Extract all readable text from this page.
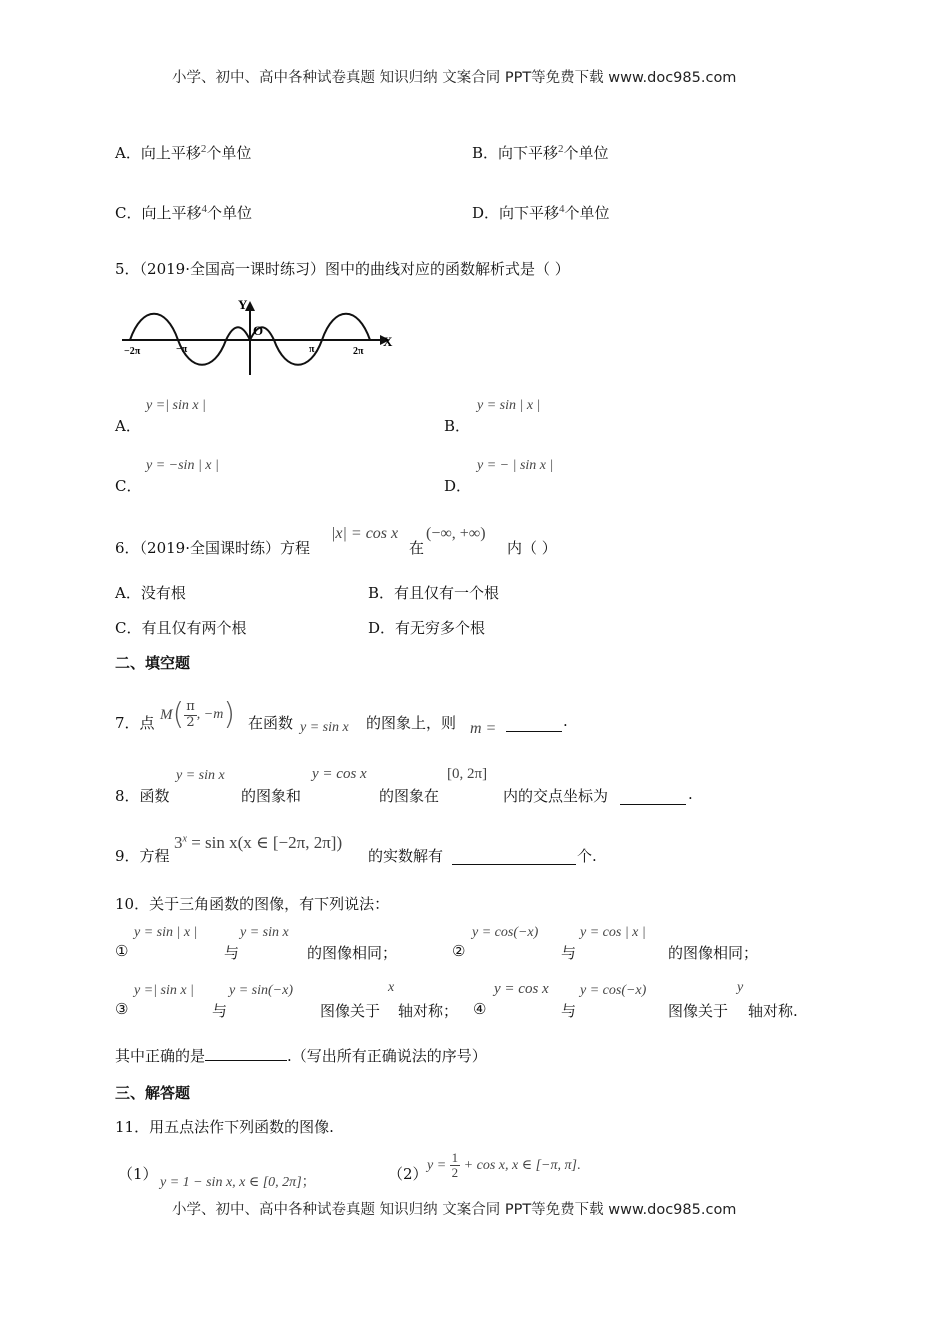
小学、初中、高中各种试卷真题 知识归纳 文案合同 PPT等免费下载 www.doc985.com
A．向上平移$^2$个单位	B．向下平移$^2$个单位
C．向上平移$^4$个单位	D．向下平移$^4$个单位
5．（2019·全国高一课时练习）图中的曲线对应的函数解析式是（ ）
Y
O
X
−2π	−π	π	2π
A．
y =| sin x |
B．
y = sin | x |
C．
y = −sin | x |
D．
y = − | sin x |
6．（2019·全国课时练）方程
|x| = cos x
在
(−∞, +∞)
内（ ）
A．没有根	B．有且仅有一个根
C．有且仅有两个根	D．有无穷多个根
二、填空题
7．点 M ( $\frac{\pi}{2}$ , −m ) 在函数 y = sin x 的图象上，则 m =	.
8．函数
y = sin x
的图象和
y = cos x
的图象在
[0, 2π]
内的交点坐标为	.
9．方程
$3^x = \sin x(x$ ∈ [−2π, 2π])
的实数解有	个.
10．关于三角函数的图像，有下列说法：
①
y = sin | x |
与
y = sin x
的图像相同；	②
y = cos(−x)
与
y = cos | x |
的图像相同；
③
y =| sin x |
与
y = sin(−x)
图像关于
x
轴对称； ④
y = cos x
与
y = cos(−x)
图像关于
y
轴对称.
其中正确的是	.（写出所有正确说法的序号）
三、解答题
11．用五点法作下列函数的图像.
（1） y = 1 − sin x, x ∈ [0, 2π]；	（2） y =
$\frac{1}{2}$
+ cos x, x ∈ [−π, π] .
小学、初中、高中各种试卷真题 知识归纳 文案合同 PPT等免费下载 www.doc985.com
